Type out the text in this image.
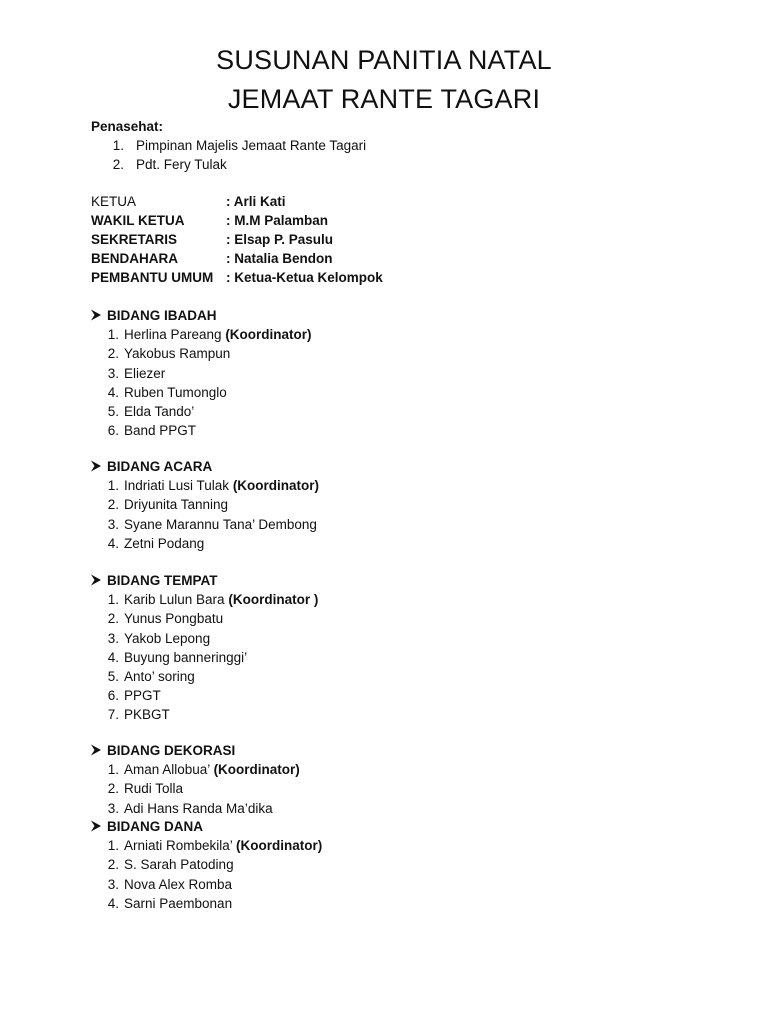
SUSUNAN PANITIA NATAL
JEMAAT RANTE TAGARI
Penasehat:
1. Pimpinan Majelis Jemaat Rante Tagari
2. Pdt. Fery Tulak
KETUA	: Arli Kati
WAKIL KETUA	: M.M Palamban
SEKRETARIS	: Elsap P. Pasulu
BENDAHARA	: Natalia Bendon
PEMBANTU UMUM : Ketua-Ketua Kelompok
BIDANG IBADAH
1. Herlina Pareang (Koordinator)
2. Yakobus Rampun
3. Eliezer
4. Ruben Tumonglo
5. Elda Tando’
6. Band PPGT
BIDANG ACARA
1. Indriati Lusi Tulak (Koordinator)
2. Driyunita Tanning
3. Syane Marannu Tana’ Dembong
4. Zetni Podang
BIDANG TEMPAT
1. Karib Lulun Bara (Koordinator )
2. Yunus Pongbatu
3. Yakob Lepong
4. Buyung banneringgi’
5. Anto’ soring
6. PPGT
7. PKBGT
BIDANG DEKORASI
1. Aman Allobua’ (Koordinator)
2. Rudi Tolla
3. Adi Hans Randa Ma’dika
BIDANG DANA
1. Arniati Rombekila’ (Koordinator)
2. S. Sarah Patoding
3. Nova Alex Romba
4. Sarni Paembonan
